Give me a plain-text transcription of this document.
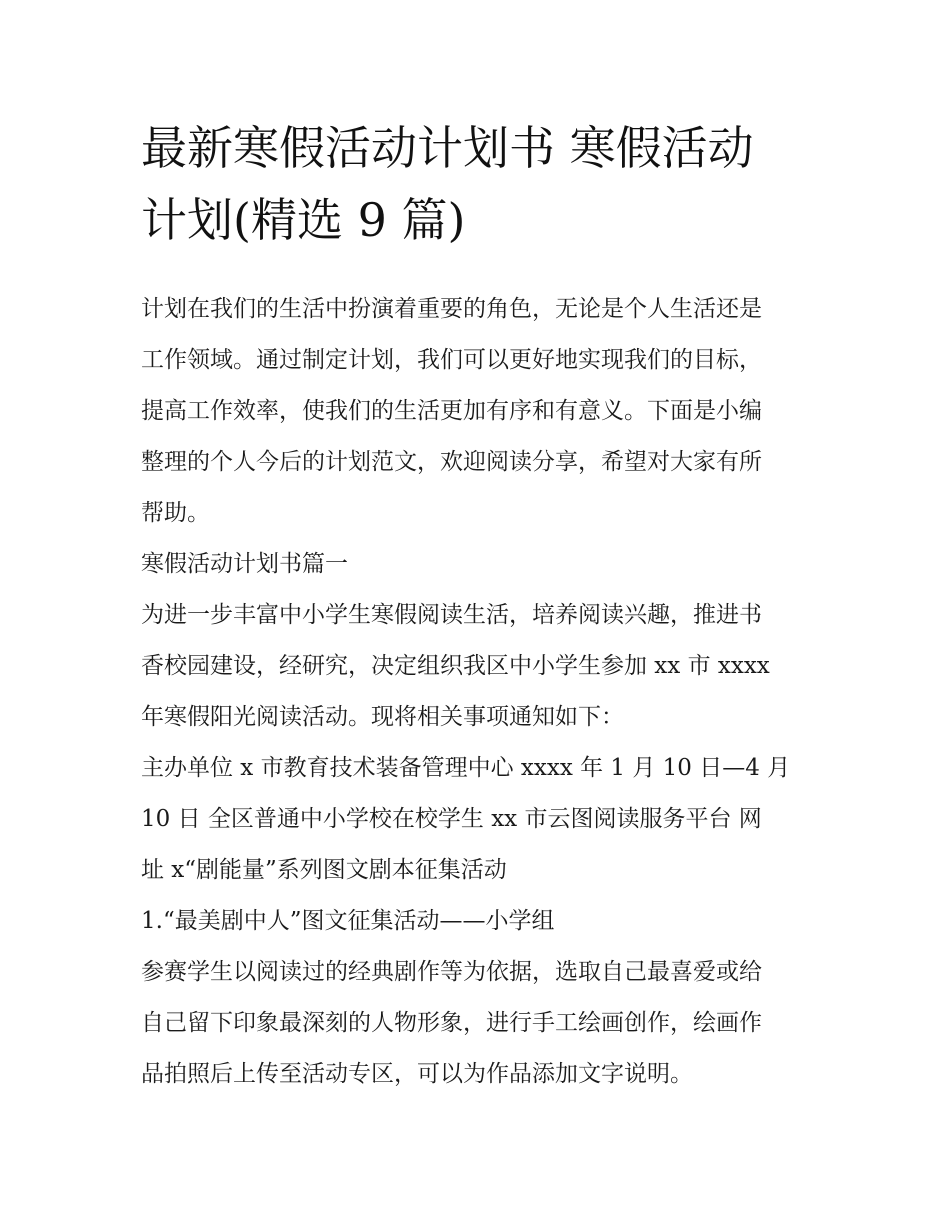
最新寒假活动计划书 寒假活动
计划(精选 9 篇)
计划在我们的生活中扮演着重要的角色，无论是个人生活还是
工作领域。通过制定计划，我们可以更好地实现我们的目标，
提高工作效率，使我们的生活更加有序和有意义。下面是小编
整理的个人今后的计划范文，欢迎阅读分享，希望对大家有所
帮助。
寒假活动计划书篇一
为进一步丰富中小学生寒假阅读生活，培养阅读兴趣，推进书
香校园建设，经研究，决定组织我区中小学生参加 xx 市 xxxx
年寒假阳光阅读活动。现将相关事项通知如下：
主办单位 x 市教育技术装备管理中心 xxxx 年 1 月 10 日—4 月
10 日 全区普通中小学校在校学生 xx 市云图阅读服务平台 网
址 x“剧能量”系列图文剧本征集活动
1.“最美剧中人”图文征集活动——小学组
参赛学生以阅读过的经典剧作等为依据，选取自己最喜爱或给
自己留下印象最深刻的人物形象，进行手工绘画创作，绘画作
品拍照后上传至活动专区，可以为作品添加文字说明。
